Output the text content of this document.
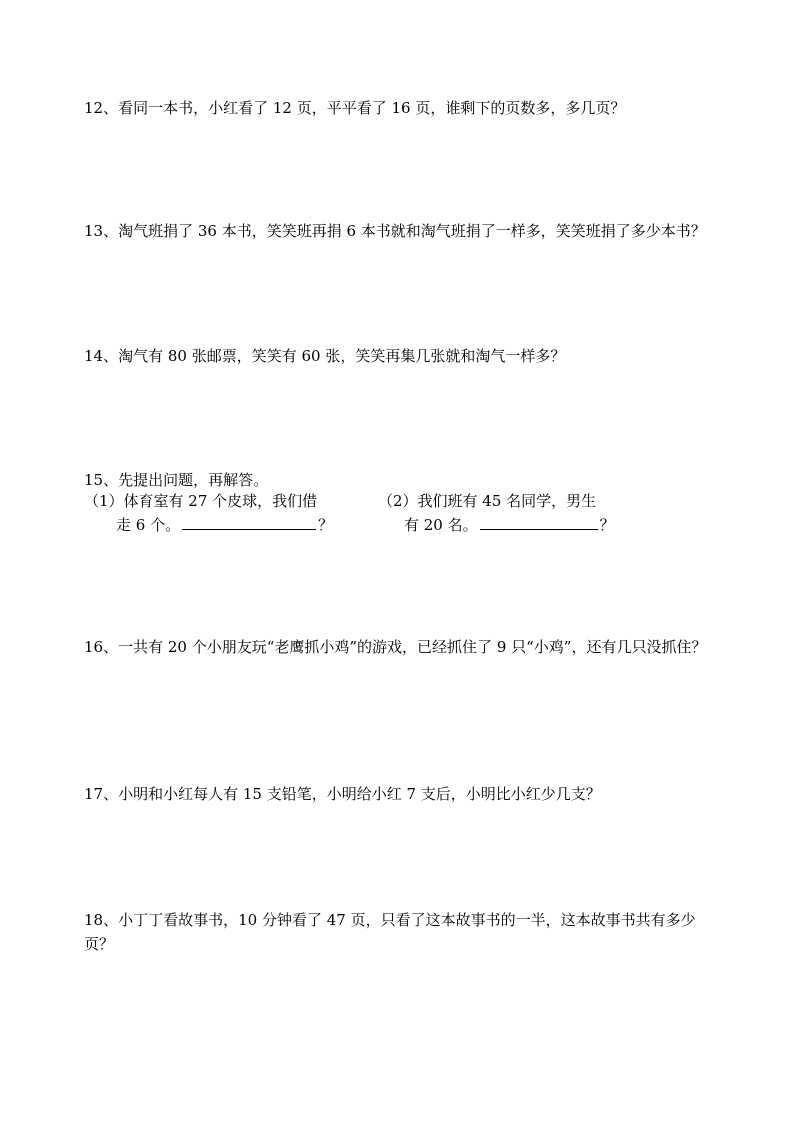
12、看同一本书，小红看了 12 页，平平看了 16 页，谁剩下的页数多，多几页？
13、淘气班捐了 36 本书，笑笑班再捐 6 本书就和淘气班捐了一样多，笑笑班捐了多少本书？
14、淘气有 80 张邮票，笑笑有 60 张，笑笑再集几张就和淘气一样多？
15、先提出问题，再解答。
（1）体育室有 27 个皮球，我们借
走 6 个。	？
（2）我们班有 45 名同学，男生
有 20 名。	？
16、一共有 20 个小朋友玩“老鹰抓小鸡”的游戏，已经抓住了 9 只“小鸡”，还有几只没抓住？
17、小明和小红每人有 15 支铅笔，小明给小红 7 支后，小明比小红少几支？
18、小丁丁看故事书，10 分钟看了 47 页，只看了这本故事书的一半，这本故事书共有多少页？
